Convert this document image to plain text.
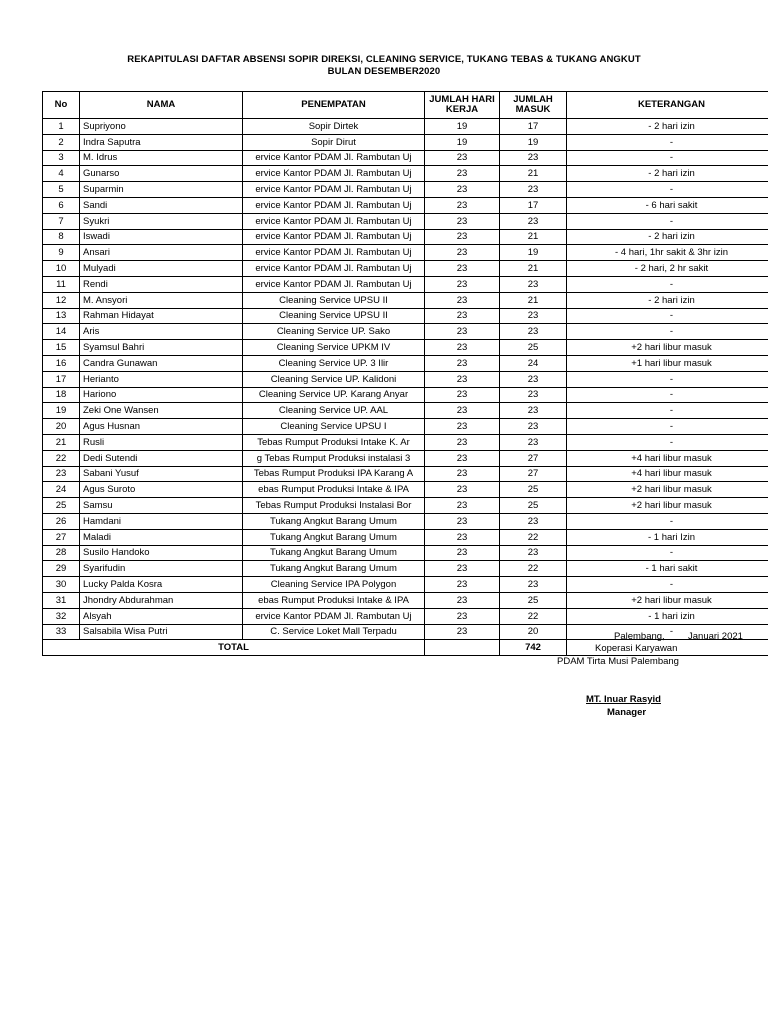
REKAPITULASI DAFTAR ABSENSI SOPIR DIREKSI, CLEANING SERVICE, TUKANG TEBAS & TUKANG ANGKUT
BULAN DESEMBER2020
No	NAMA	PENEMPATAN	JUMLAH HARI KERJA	JUMLAH MASUK	KETERANGAN
1	Supriyono	Sopir Dirtek	19	17	- 2 hari izin
2	Indra Saputra	Sopir Dirut	19	19	-
3	M. Idrus	ervice Kantor PDAM Jl. Rambutan Uj	23	23	-
4	Gunarso	ervice Kantor PDAM Jl. Rambutan Uj	23	21	- 2 hari izin
5	Suparmin	ervice Kantor PDAM Jl. Rambutan Uj	23	23	-
6	Sandi	ervice Kantor PDAM Jl. Rambutan Uj	23	17	- 6 hari sakit
7	Syukri	ervice Kantor PDAM Jl. Rambutan Uj	23	23	-
8	Iswadi	ervice Kantor PDAM Jl. Rambutan Uj	23	21	- 2 hari izin
9	Ansari	ervice Kantor PDAM Jl. Rambutan Uj	23	19	- 4 hari, 1hr sakit & 3hr izin
10	Mulyadi	ervice Kantor PDAM Jl. Rambutan Uj	23	21	- 2 hari, 2 hr sakit
11	Rendi	ervice Kantor PDAM Jl. Rambutan Uj	23	23	-
12	M. Ansyori	Cleaning Service UPSU II	23	21	- 2 hari izin
13	Rahman Hidayat	Cleaning Service UPSU II	23	23	-
14	Aris	Cleaning Service UP. Sako	23	23	-
15	Syamsul Bahri	Cleaning Service UPKM IV	23	25	+2 hari libur masuk
16	Candra Gunawan	Cleaning Service UP. 3 Ilir	23	24	+1 hari libur masuk
17	Herianto	Cleaning Service UP. Kalidoni	23	23	-
18	Hariono	Cleaning Service UP. Karang Anyar	23	23	-
19	Zeki One Wansen	Cleaning Service UP. AAL	23	23	-
20	Agus Husnan	Cleaning Service UPSU I	23	23	-
21	Rusli	Tebas Rumput Produksi Intake K. Ar	23	23	-
22	Dedi Sutendi	g Tebas Rumput Produksi instalasi 3	23	27	+4 hari libur masuk
23	Sabani Yusuf	Tebas Rumput Produksi IPA Karang A	23	27	+4 hari libur masuk
24	Agus Suroto	ebas Rumput Produksi Intake & IPA	23	25	+2 hari libur masuk
25	Samsu	Tebas Rumput Produksi Instalasi Bor	23	25	+2 hari libur masuk
26	Hamdani	Tukang Angkut Barang Umum	23	23	-
27	Maladi	Tukang Angkut Barang Umum	23	22	- 1 hari Izin
28	Susilo Handoko	Tukang Angkut Barang Umum	23	23	-
29	Syarifudin	Tukang Angkut Barang Umum	23	22	- 1 hari sakit
30	Lucky Palda Kosra	Cleaning Service IPA Polygon	23	23	-
31	Jhondry Abdurahman	ebas Rumput Produksi Intake & IPA	23	25	+2 hari libur masuk
32	Alsyah	ervice Kantor PDAM Jl. Rambutan Uj	23	22	- 1 hari izin
33	Salsabila Wisa Putri	C. Service Loket Mall Terpadu	23	20	-
TOTAL				742	
Palembang, Januari 2021
Koperasi Karyawan
PDAM Tirta Musi Palembang
MT. Inuar Rasyid
Manager
